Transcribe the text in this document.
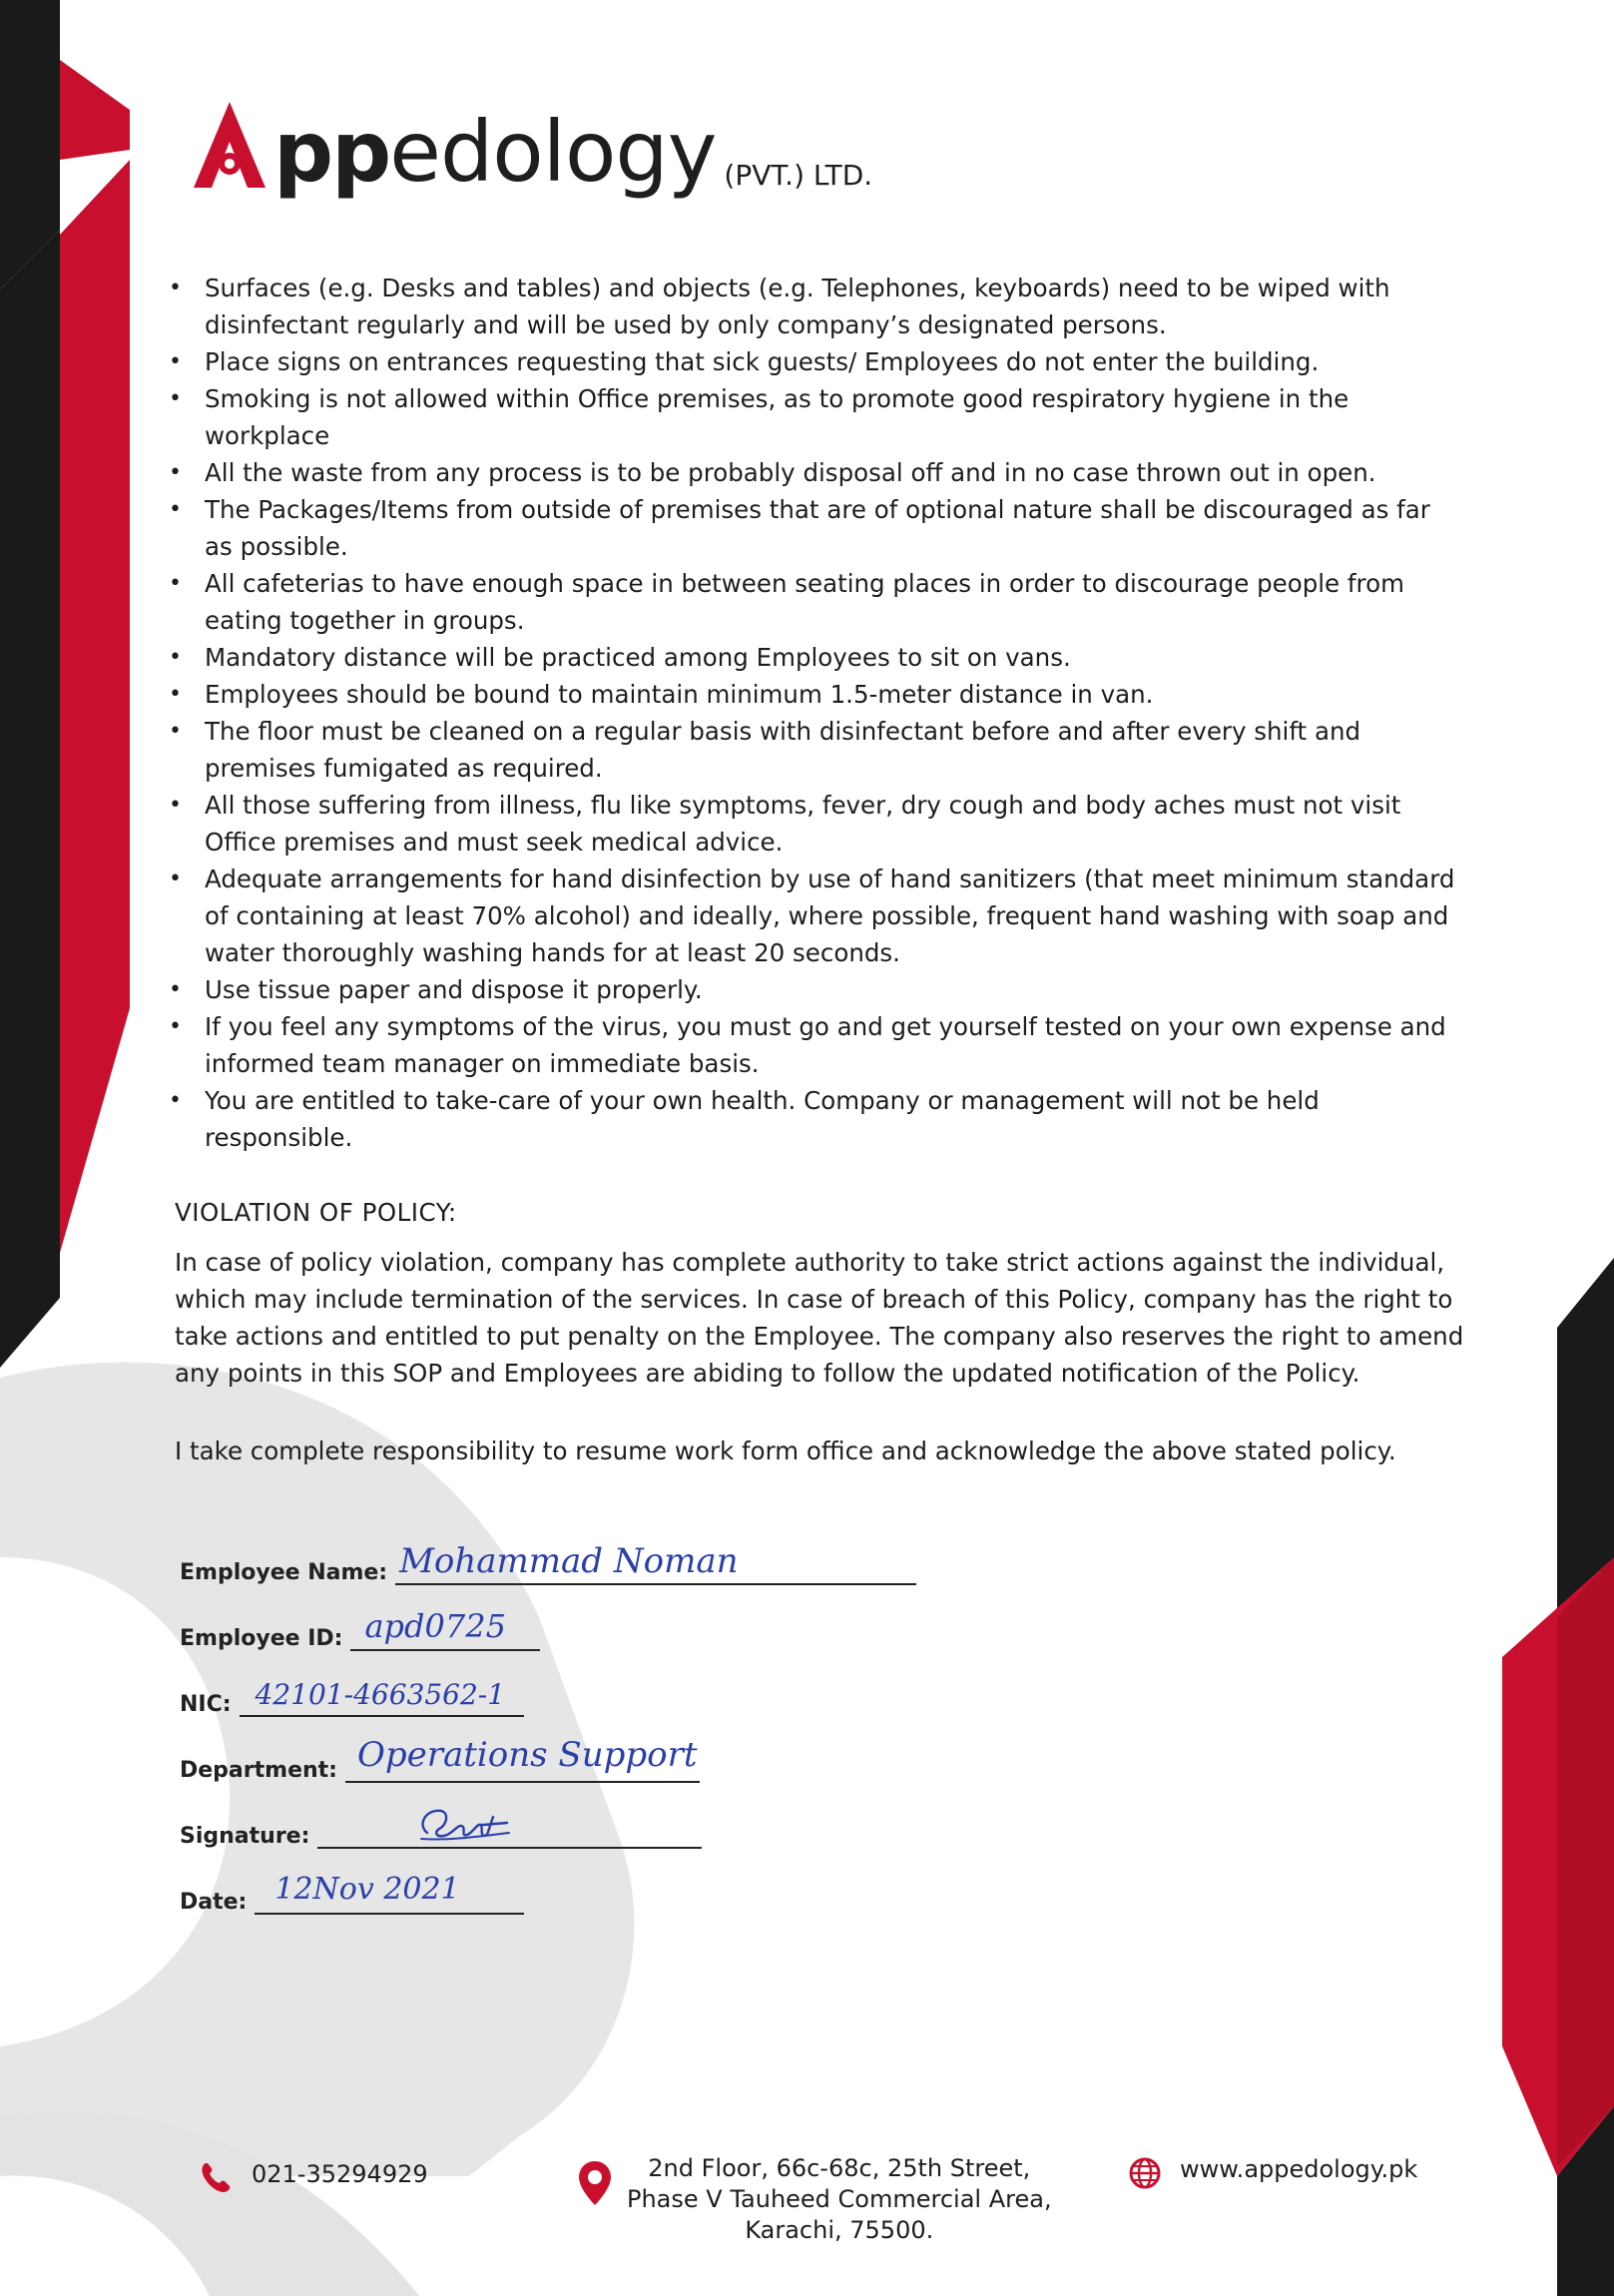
pp edology (PVT.) LTD.
• Surfaces (e.g. Desks and tables) and objects (e.g. Telephones, keyboards) need to be wiped with disinfectant regularly and will be used by only company’s designated persons.
• Place signs on entrances requesting that sick guests/ Employees do not enter the building.
• Smoking is not allowed within Office premises, as to promote good respiratory hygiene in the workplace
• All the waste from any process is to be probably disposal off and in no case thrown out in open.
• The Packages/Items from outside of premises that are of optional nature shall be discouraged as far as possible.
• All cafeterias to have enough space in between seating places in order to discourage people from eating together in groups.
• Mandatory distance will be practiced among Employees to sit on vans.
• Employees should be bound to maintain minimum 1.5-meter distance in van.
• The floor must be cleaned on a regular basis with disinfectant before and after every shift and premises fumigated as required.
• All those suffering from illness, flu like symptoms, fever, dry cough and body aches must not visit Office premises and must seek medical advice.
• Adequate arrangements for hand disinfection by use of hand sanitizers (that meet minimum standard of containing at least 70% alcohol) and ideally, where possible, frequent hand washing with soap and water thoroughly washing hands for at least 20 seconds.
• Use tissue paper and dispose it properly.
• If you feel any symptoms of the virus, you must go and get yourself tested on your own expense and informed team manager on immediate basis.
• You are entitled to take-care of your own health. Company or management will not be held responsible.
VIOLATION OF POLICY:

In case of policy violation, company has complete authority to take strict actions against the individual, which may include termination of the services. In case of breach of this Policy, company has the right to take actions and entitled to put penalty on the Employee. The company also reserves the right to amend any points in this SOP and Employees are abiding to follow the updated notification of the Policy.

I take complete responsibility to resume work form office and acknowledge the above stated policy.

Employee Name: Mohammad Noman
Employee ID: apd0725
NIC: 42101-4663562-1
Department: Operations Support
Signature:
Date: 12Nov 2021
021-35294929	2nd Floor, 66c-68c, 25th Street,
Phase V Tauheed Commercial Area,
Karachi, 75500.
www.appedology.pk
